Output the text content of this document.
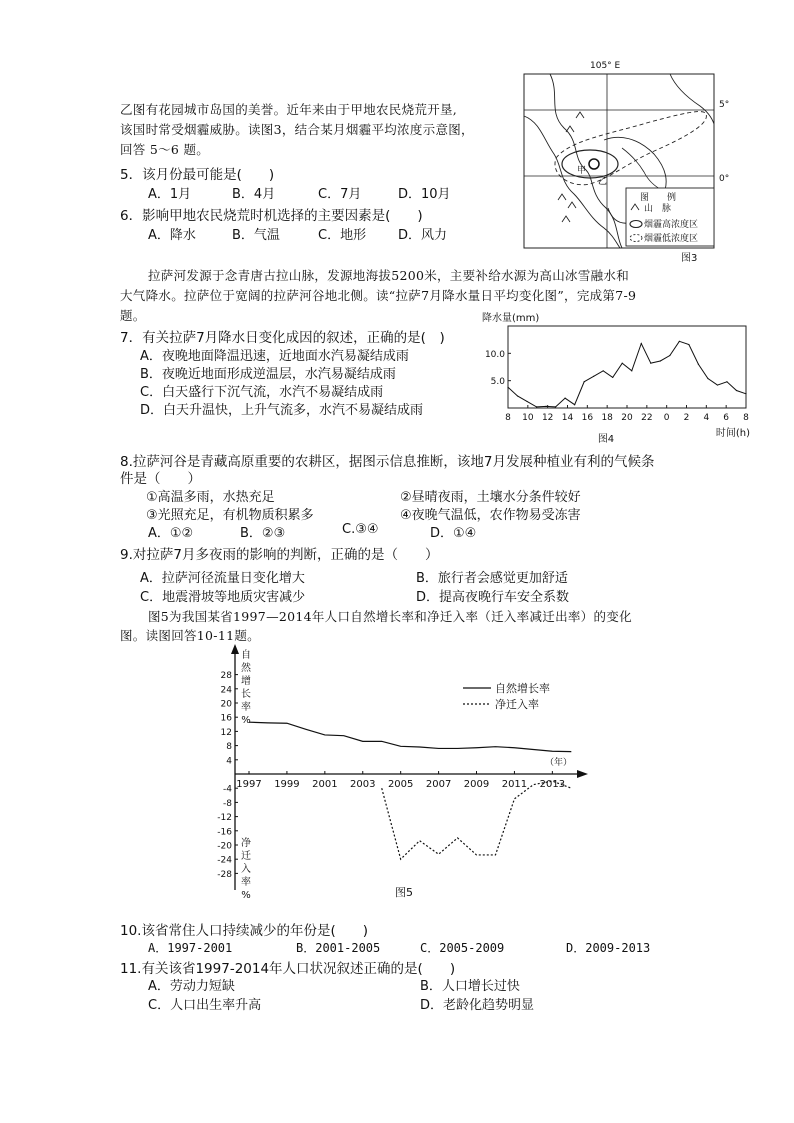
乙图有花园城市岛国的美誉。近年来由于甲地农民烧荒开垦,
该国时常受烟霾威胁。读图3，结合某月烟霾平均浓度示意图，
回答 5～6 题。
5．该月份最可能是(　　)
A．1月	B．4月	C．7月	D．10月
6．影响甲地农民烧荒时机选择的主要因素是(　　)
A．降水	B．气温	C．地形 D．风力
105° E
5°
0°
甲
乙
图　　例
山　脉
烟霾高浓度区
烟霾低浓度区
图3
拉萨河发源于念青唐古拉山脉，发源地海拔5200米，主要补给水源为高山冰雪融水和
大气降水。拉萨位于宽阔的拉萨河谷地北侧。读“拉萨7月降水量日平均变化图”，完成第7-9
题。
7．有关拉萨7月降水日变化成因的叙述，正确的是(　)
A．夜晚地面降温迅速，近地面水汽易凝结成雨
B．夜晚近地面形成逆温层，水汽易凝结成雨
C．白天盛行下沉气流，水汽不易凝结成雨
D．白天升温快，上升气流多，水汽不易凝结成雨
降水量(mm)
5.0
10.0
8 10 12 14 16 18 20 22 0 2 4 6 8
时间(h)
图4
8.拉萨河谷是青藏高原重要的农耕区，据图示信息推断，该地7月发展种植业有利的气候条
件是（　　）
①高温多雨，水热充足	②昼晴夜雨，土壤水分条件较好
③光照充足，有机物质积累多	④夜晚气温低，农作物易受冻害
A．①②	B．②③	C.③④	D．①④
9.对拉萨7月多夜雨的影响的判断，正确的是（　　）
A．拉萨河径流量日变化增大	B．旅行者会感觉更加舒适
C．地震滑坡等地质灾害减少	D．提高夜晚行车安全系数
图5为我国某省1997—2014年人口自然增长率和净迁入率（迁入率减迁出率）的变化
图。读图回答10-11题。
28
24
20
16
12
8
4
-4
-8
-12
-16
-20
-24
-28
1997 1999 2001 2003 2005 2007 2009 2011 2013
（年）
自
然
增
长
率
%
净
迁
入
率
%
自然增长率
净迁入率
图5
10.该省常住人口持续减少的年份是(　　)
A．1997-2001	B．2001-2005	C．2005-2009	D．2009-2013
11.有关该省1997-2014年人口状况叙述正确的是(　　)
A．劳动力短缺	B．人口增长过快
C．人口出生率升高	D．老龄化趋势明显
